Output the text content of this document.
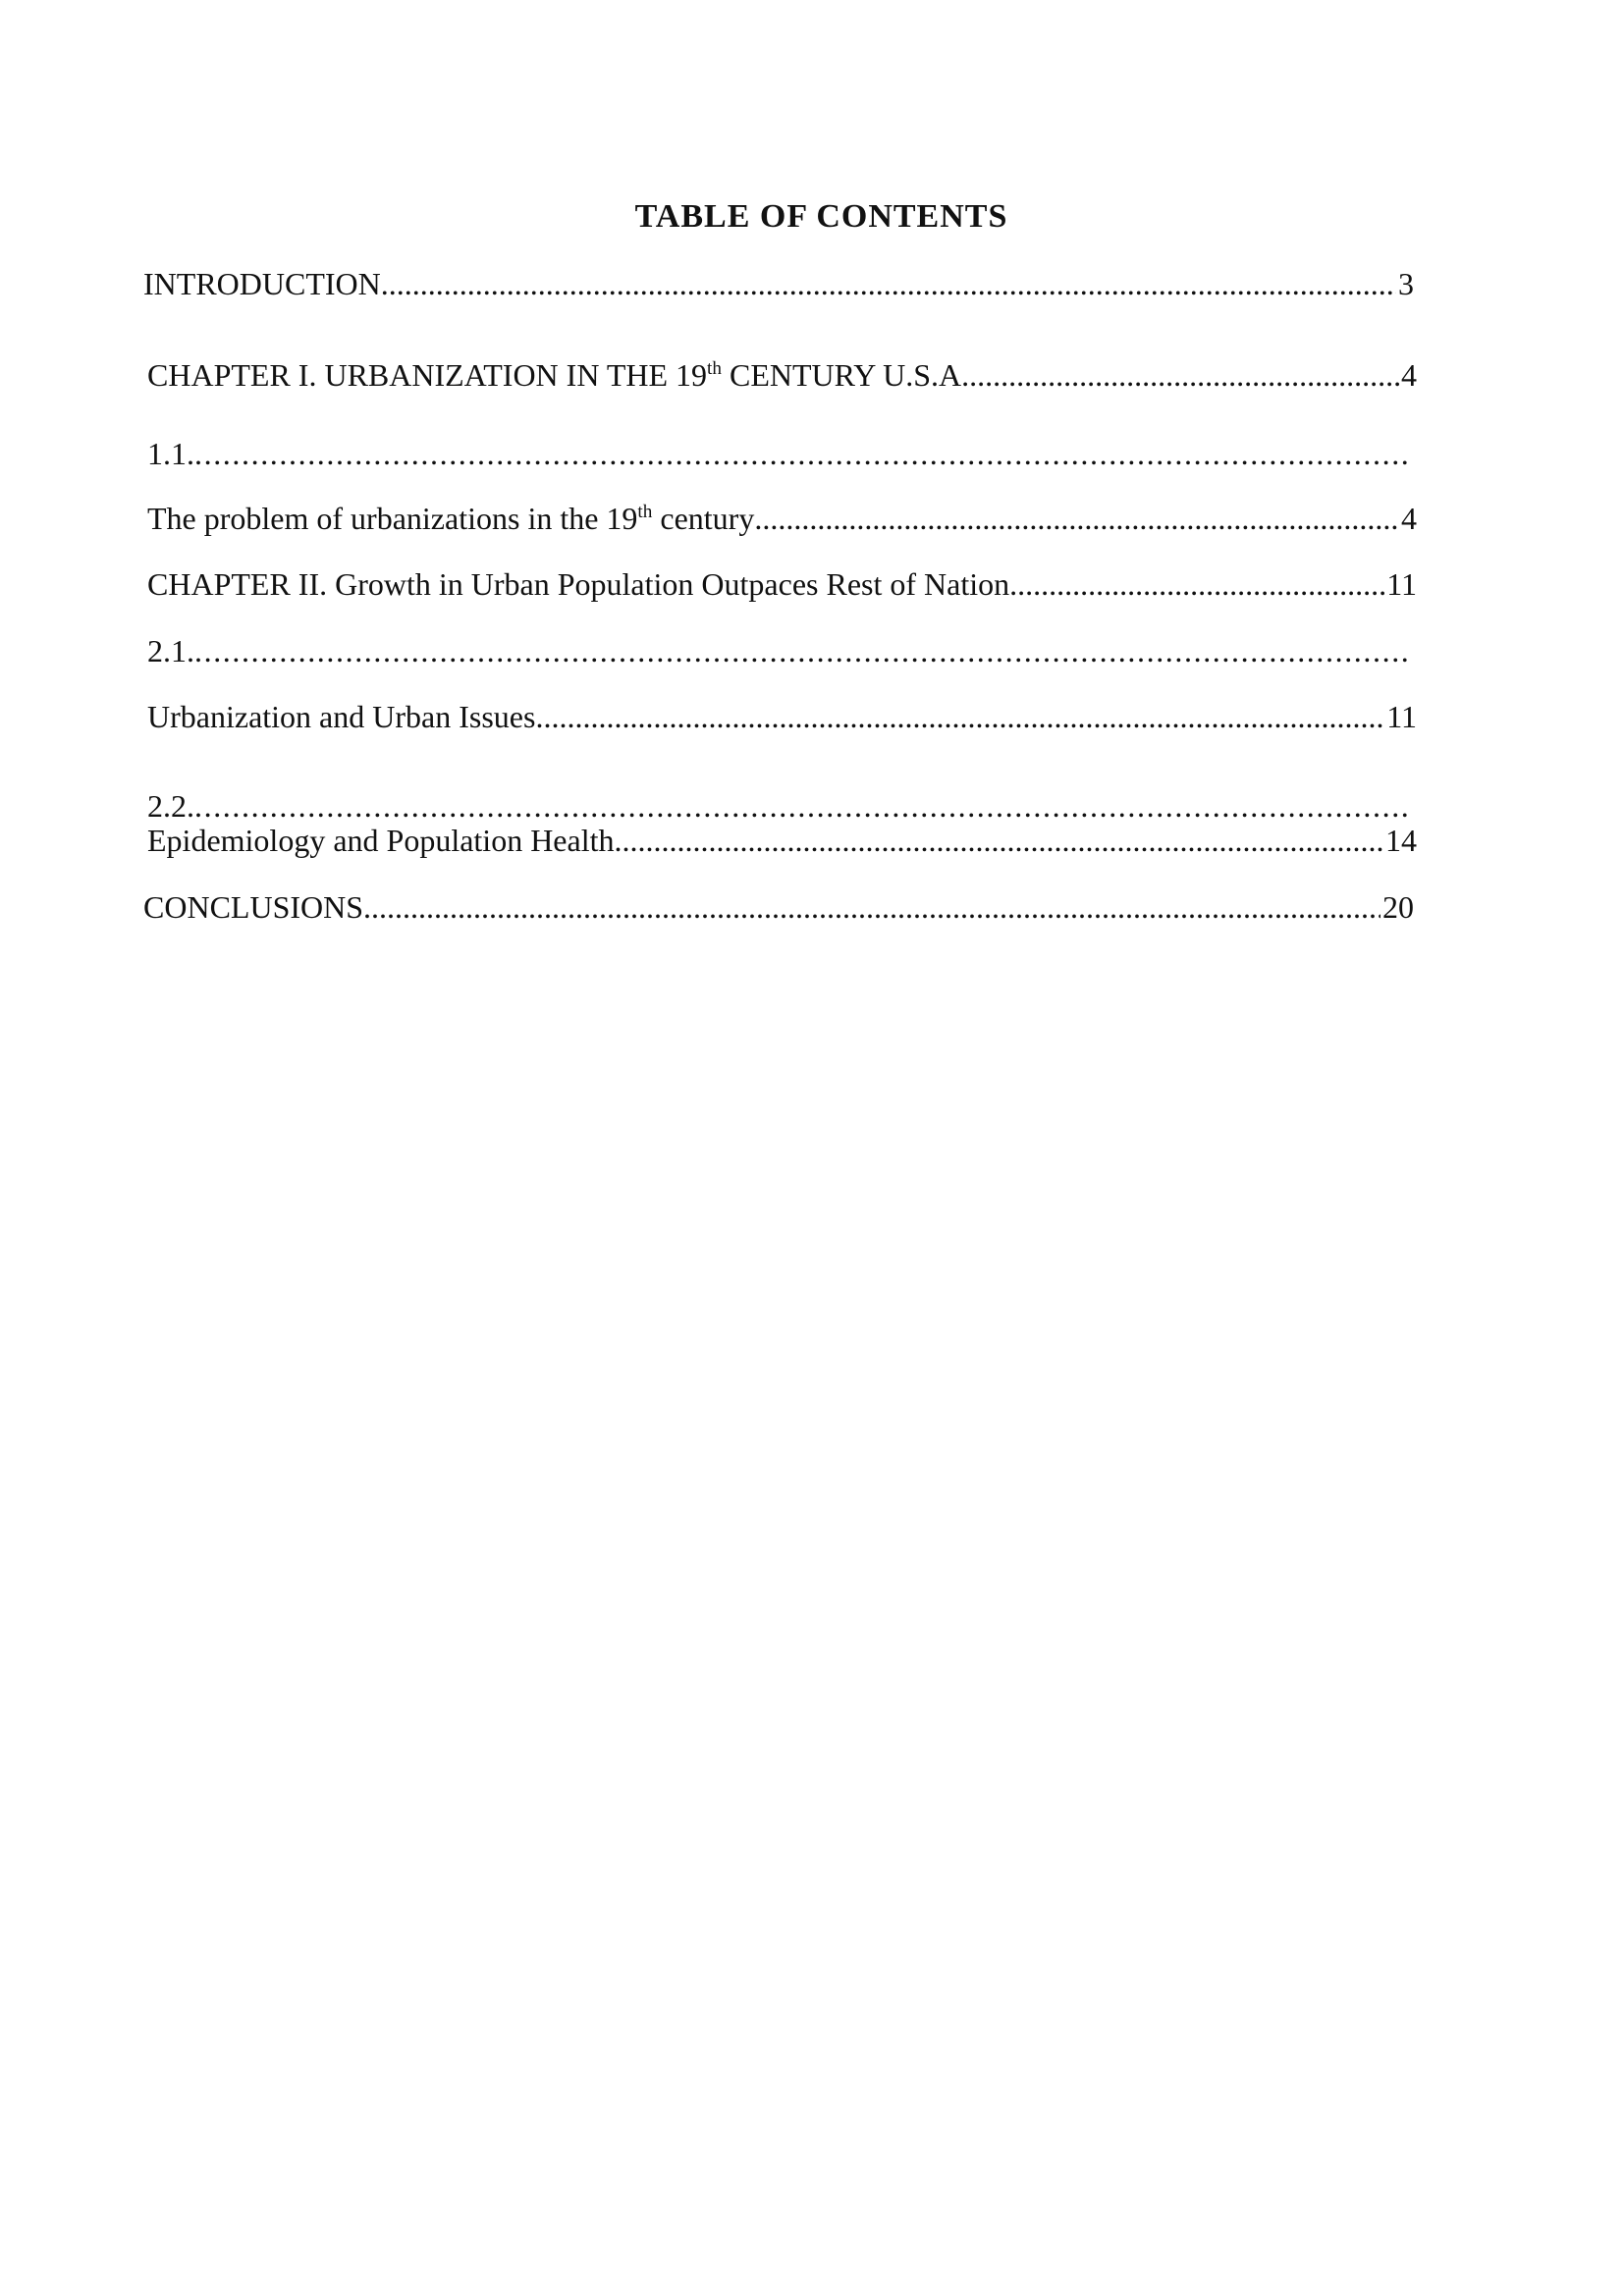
TABLE OF CONTENTS
INTRODUCTION .....	3
CHAPTER I. URBANIZATION IN THE 19th CENTURY U.S.A .....	4
1.1.
.....
The problem of urbanizations in the 19th century .....	4
CHAPTER II. Growth in Urban Population Outpaces Rest of Nation .....	11
2.1.
.....
Urbanization and Urban Issues .....	11
2.2.
.....
Epidemiology and Population Health .....	14
CONCLUSIONS .....	20
